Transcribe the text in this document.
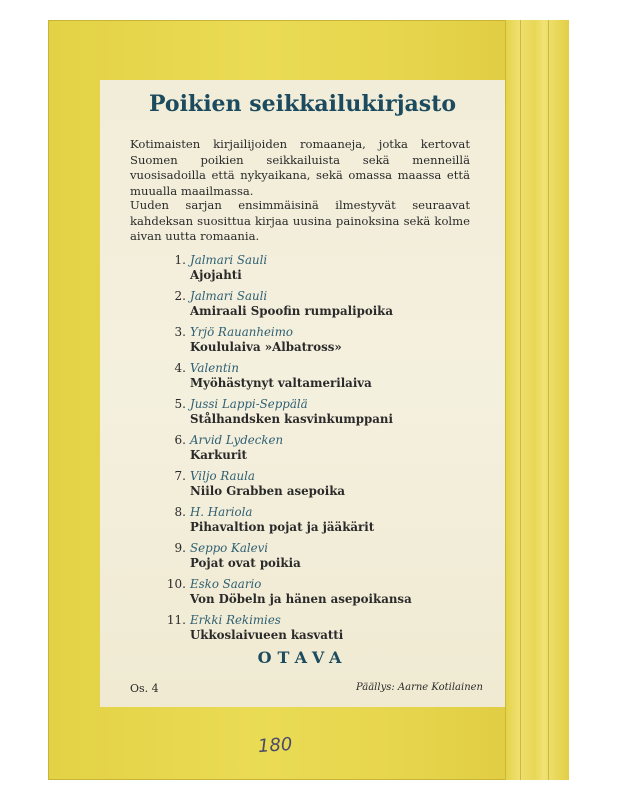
Poikien seikkailukirjasto

Kotimaisten kirjailijoiden romaaneja, jotka kertovat Suomen poikien seikkailuista sekä menneillä vuosisadoilla että nykyaikana, sekä omassa maassa että muualla maailmassa.

Uuden sarjan ensimmäisinä ilmestyvät seuraavat kahdeksan suosittua kirjaa uusina painoksina sekä kolme aivan uutta romaania.

1. Jalmari Sauli
Ajojahti
2. Jalmari Sauli
Amiraali Spoofin rumpalipoika
3. Yrjö Rauanheimo
Koululaiva »Albatross»
4. Valentin
Myöhästynyt valtamerilaiva
5. Jussi Lappi-Seppälä
Stålhandsken kasvinkumppani
6. Arvid Lydecken
Karkurit
7. Viljo Raula
Niilo Grabben asepoika
8. H. Hariola
Pihavaltion pojat ja jääkärit
9. Seppo Kalevi
Pojat ovat poikia
10. Esko Saario
Von Döbeln ja hänen asepoikansa
11. Erkki Rekimies
Ukkoslaivueen kasvatti
OTAVA
Os. 4	Päällys: Aarne Kotilainen
180
